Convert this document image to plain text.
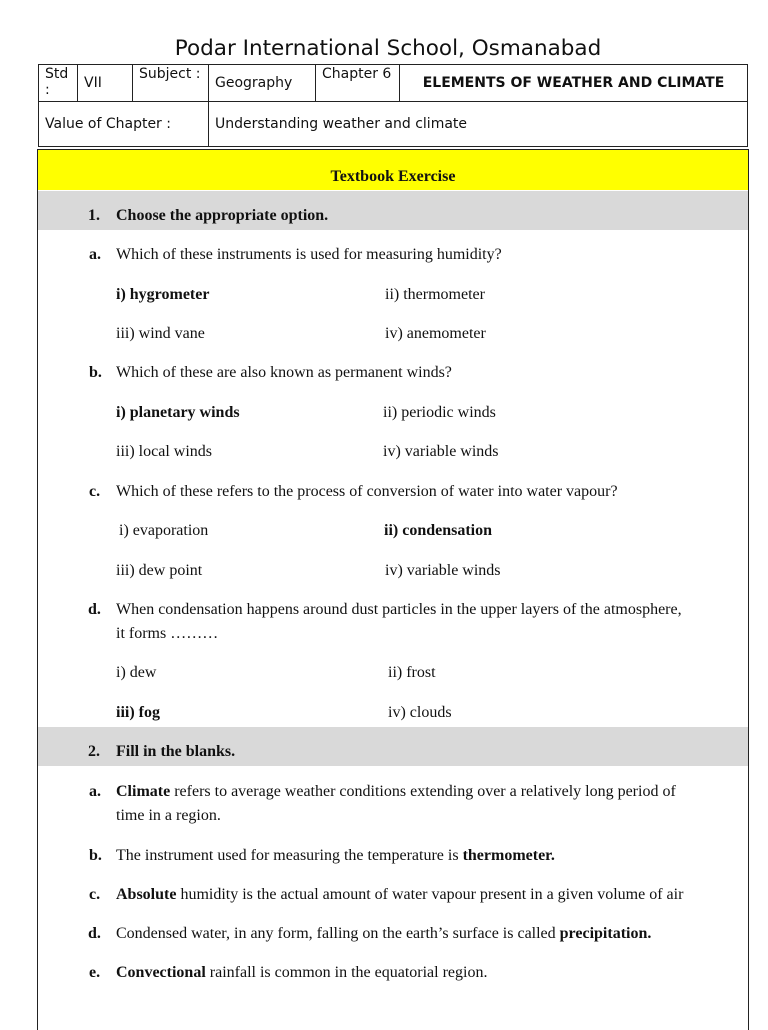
Podar International School, Osmanabad
Std :	VII	Subject :	Geography	Chapter 6	ELEMENTS OF WEATHER AND CLIMATE
Value of Chapter :			Understanding weather and climate		
Textbook Exercise
1. Choose the appropriate option.
a. Which of these instruments is used for measuring humidity?
i) hygrometer	ii) thermometer
iii) wind vane	iv) anemometer
b. Which of these are also known as permanent winds?
i) planetary winds	ii) periodic winds
iii) local winds	iv) variable winds
c. Which of these refers to the process of conversion of water into water vapour?
i) evaporation	ii) condensation
iii) dew point	iv) variable winds
d. When condensation happens around dust particles in the upper layers of the atmosphere,
it forms ………
i) dew	ii) frost
iii) fog	iv) clouds
2. Fill in the blanks.
a. Climate refers to average weather conditions extending over a relatively long period of
time in a region.
b. The instrument used for measuring the temperature is thermometer.
c. Absolute humidity is the actual amount of water vapour present in a given volume of air
d. Condensed water, in any form, falling on the earth’s surface is called precipitation.
e. Convectional rainfall is common in the equatorial region.
